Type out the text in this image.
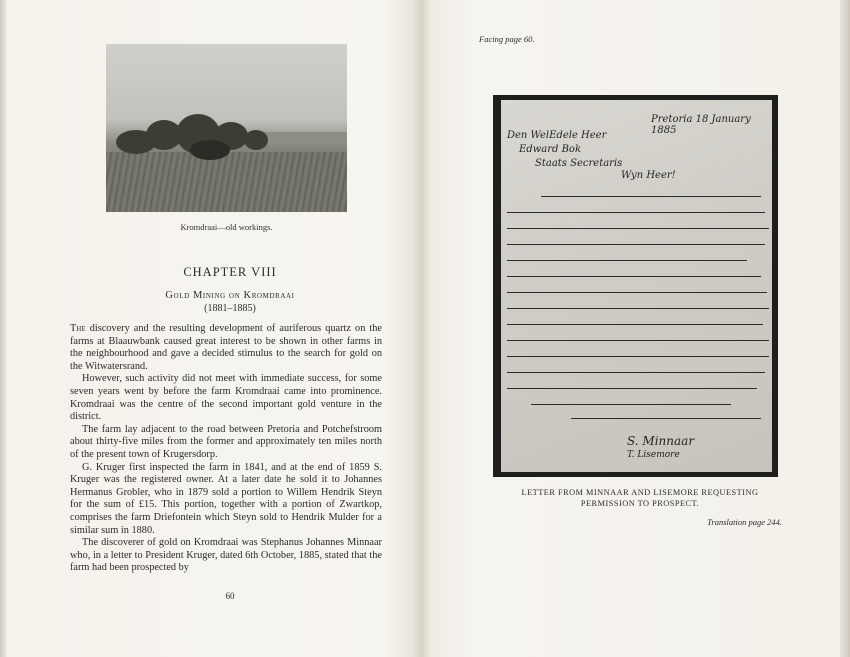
Kromdraai—old workings.
CHAPTER VIII
Gold Mining on Kromdraai
(1881–1885)

The discovery and the resulting development of auriferous quartz on the farms at Blaauwbank caused great interest to be shown in other farms in the neighbourhood and gave a decided stimulus to the search for gold on the Witwatersrand.

However, such activity did not meet with immediate success, for some seven years went by before the farm Kromdraai came into prominence. Kromdraai was the centre of the second important gold venture in the district.

The farm lay adjacent to the road between Pretoria and Potchefstroom about thirty-five miles from the former and approximately ten miles north of the present town of Krugersdorp.

G. Kruger first inspected the farm in 1841, and at the end of 1859 S. Kruger was the registered owner. At a later date he sold it to Johannes Hermanus Grobler, who in 1879 sold a portion to Willem Hendrik Steyn for the sum of £15. This portion, together with a portion of Zwartkop, comprises the farm Driefontein which Steyn sold to Hendrik Mulder for a similar sum in 1880.

The discoverer of gold on Kromdraai was Stephanus Johannes Minnaar who, in a letter to President Kruger, dated 6th October, 1885, stated that the farm had been prospected by

60
Facing page 60.
Pretoria 18 January 1885
Den WelEdele Heer
Edward Bok
Staats Secretaris
Wyn Heer!
S. Minnaar
T. Lisemore
LETTER FROM MINNAAR AND LISEMORE REQUESTING
PERMISSION TO PROSPECT.
Translation page 244.
